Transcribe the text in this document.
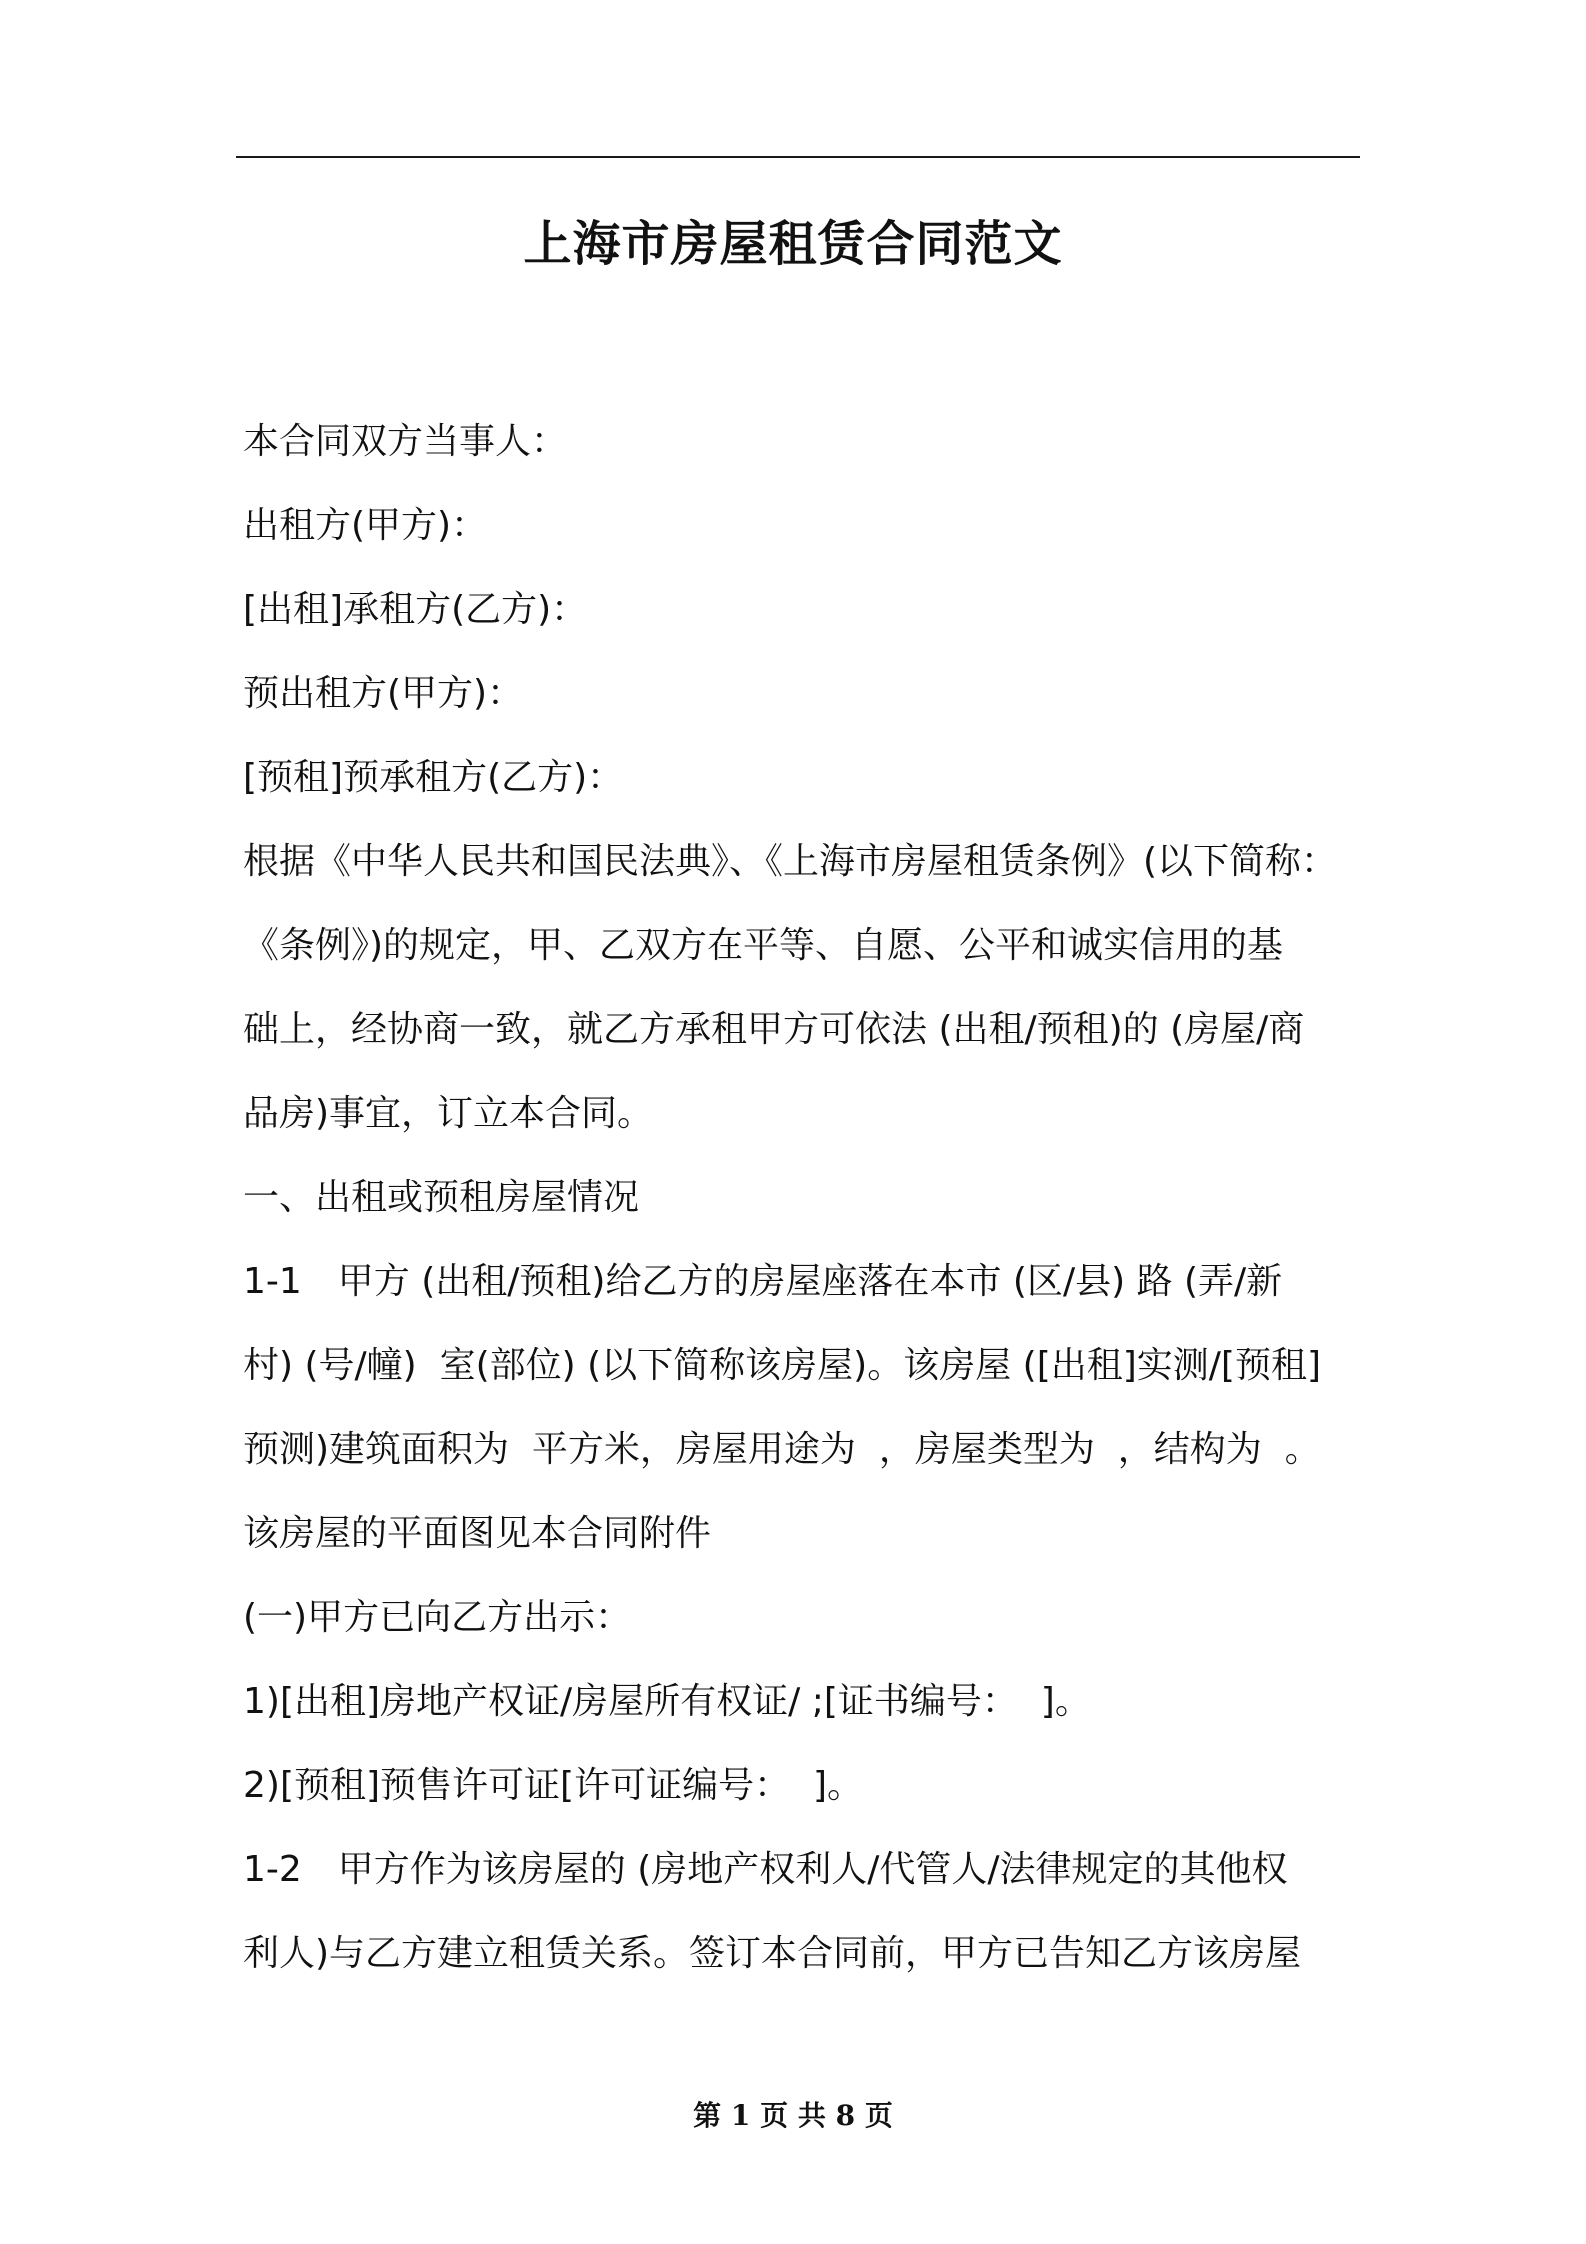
上海市房屋租赁合同范文

本合同双方当事人：

出租方(甲方)：

[出租]承租方(乙方)：

预出租方(甲方)：

[预租]预承租方(乙方)：

根据《中华人民共和国民法典》、《上海市房屋租赁条例》(以下简称：

《条例》)的规定，甲、乙双方在平等、自愿、公平和诚实信用的基

础上，经协商一致，就乙方承租甲方可依法 (出租/预租)的 (房屋/商

品房)事宜，订立本合同。

一、出租或预租房屋情况

1-1　甲方 (出租/预租)给乙方的房屋座落在本市 (区/县) 路 (弄/新

村) (号/幢)  室(部位) (以下简称该房屋)。该房屋 ([出租]实测/[预租]

预测)建筑面积为  平方米，房屋用途为  ，房屋类型为  ，结构为  。

该房屋的平面图见本合同附件

(一)甲方已向乙方出示：

1)[出租]房地产权证/房屋所有权证/ ;[证书编号：  ]。

2)[预租]预售许可证[许可证编号：  ]。

1-2　甲方作为该房屋的 (房地产权利人/代管人/法律规定的其他权

利人)与乙方建立租赁关系。签订本合同前，甲方已告知乙方该房屋

第 1 页 共 8 页
